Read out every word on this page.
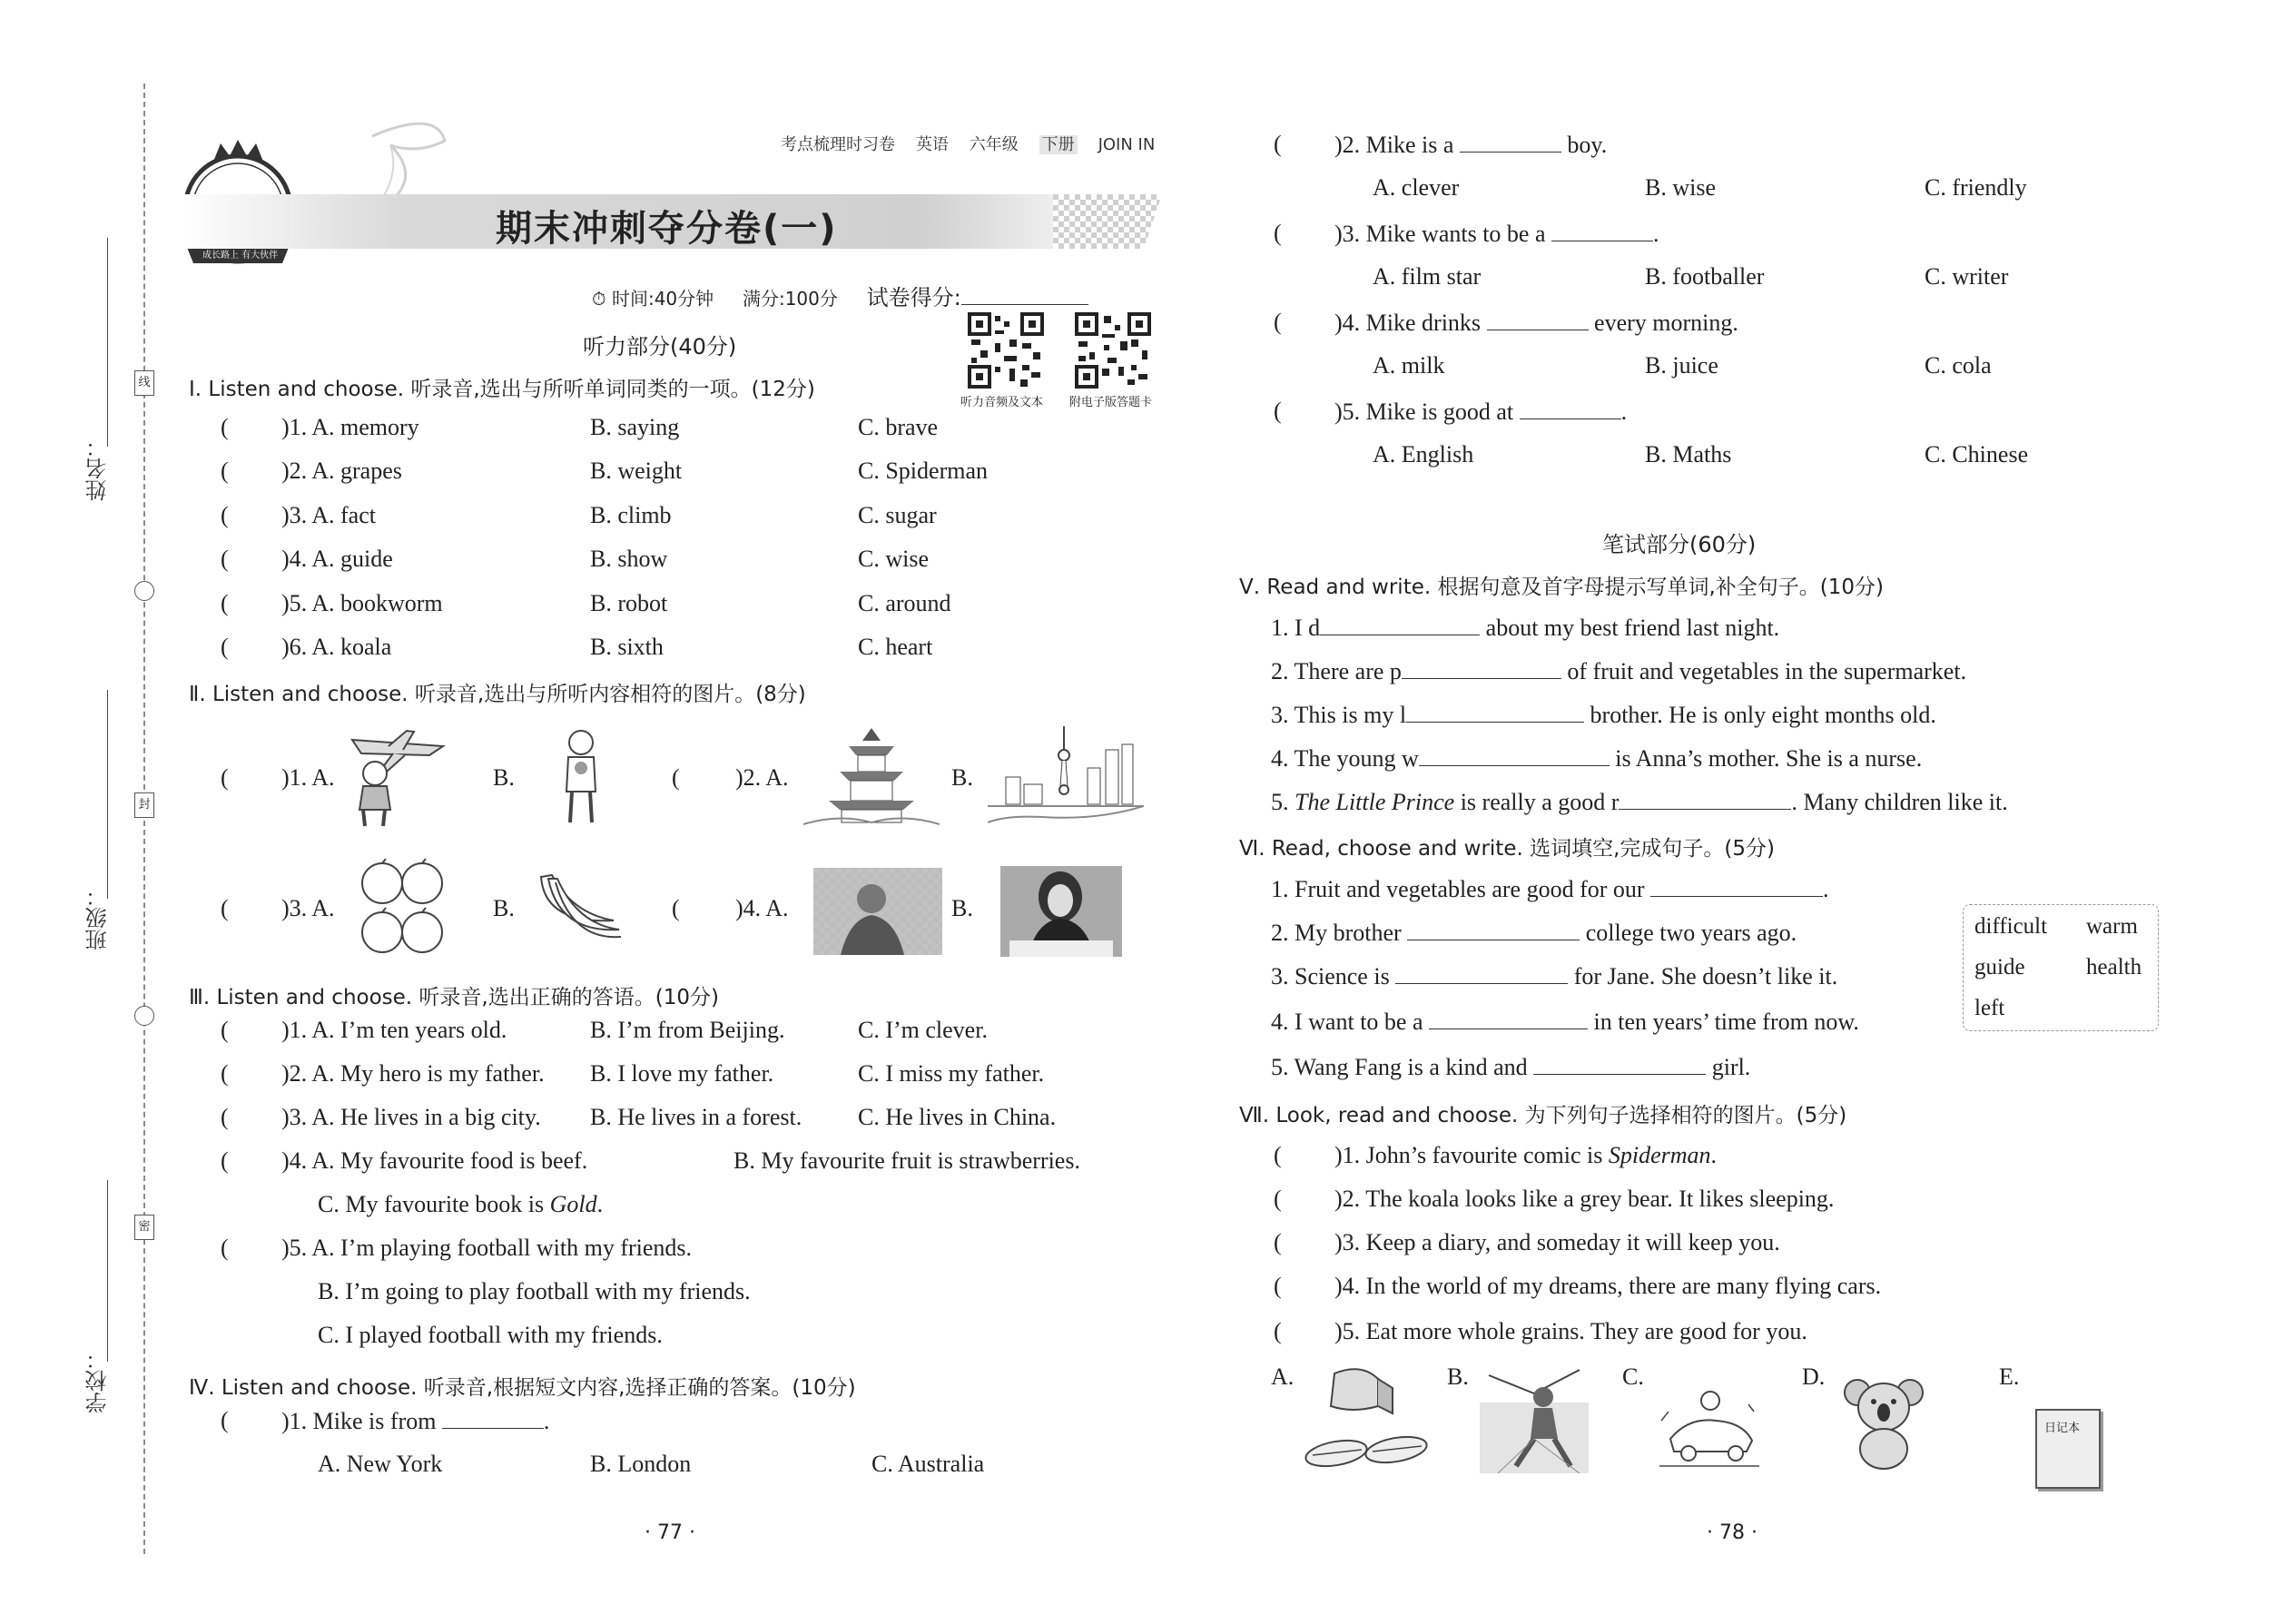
姓名：
班级：
学校：
线
封
密
成长路上 有大伙伴
考点梳理时习卷 英语 六年级 下册 JOIN IN
期末冲刺夺分卷(一)
⏱ 时间:40分钟 满分:100分 试卷得分:
听力音频及文本 附电子版答题卡
听力部分(40分)
Ⅰ. Listen and choose. 听录音,选出与所听单词同类的一项。(12分)
( )1. A. memory	B. saying	C. brave
( )2. A. grapes	B. weight	C. Spiderman
( )3. A. fact	B. climb	C. sugar
( )4. A. guide	B. show	C. wise
( )5. A. bookworm	B. robot	C. around
( )6. A. koala	B. sixth	C. heart
Ⅱ. Listen and choose. 听录音,选出与所听内容相符的图片。(8分)
( )1. A.	B.	( )2. A.	B.
( )3. A.	B.	( )4. A.	B.
Ⅲ. Listen and choose. 听录音,选出正确的答语。(10分)
( )1. A. I’m ten years old.	B. I’m from Beijing.	C. I’m clever.
( )2. A. My hero is my father. B. I love my father.	C. I miss my father.
( )3. A. He lives in a big city. B. He lives in a forest. C. He lives in China.
( )4. A. My favourite food is beef.	B. My favourite fruit is strawberries.
C. My favourite book is Gold.
( )5. A. I’m playing football with my friends.
B. I’m going to play football with my friends.
C. I played football with my friends.
Ⅳ. Listen and choose. 听录音,根据短文内容,选择正确的答案。(10分)
( )1. Mike is from	.
A. New York	B. London	C. Australia
· 77 ·
( )2. Mike is a	boy.
A. clever	B. wise	C. friendly
( )3. Mike wants to be a	.
A. film star	B. footballer	C. writer
( )4. Mike drinks	every morning.
A. milk	B. juice	C. cola
( )5. Mike is good at	.
A. English	B. Maths	C. Chinese
笔试部分(60分)
Ⅴ. Read and write. 根据句意及首字母提示写单词,补全句子。(10分)
1. I d	about my best friend last night.
2. There are p	of fruit and vegetables in the supermarket.
3. This is my l	brother. He is only eight months old.
4. The young w	is Anna’s mother. She is a nurse.
5. The Little Prince is really a good r	. Many children like it.
Ⅵ. Read, choose and write. 选词填空,完成句子。(5分)
1. Fruit and vegetables are good for our	.
2. My brother	college two years ago.
3. Science is	for Jane. She doesn’t like it.
4. I want to be a	in ten years’ time from now.
5. Wang Fang is a kind and	girl.
difficult warm
guide	health
left
Ⅶ. Look, read and choose. 为下列句子选择相符的图片。(5分)
( )1. John’s favourite comic is Spiderman.
( )2. The koala looks like a grey bear. It likes sleeping.
( )3. Keep a diary, and someday it will keep you.
( )4. In the world of my dreams, there are many flying cars.
( )5. Eat more whole grains. They are good for you.
A.	B.	C.	D.	E.
日记本
· 78 ·
